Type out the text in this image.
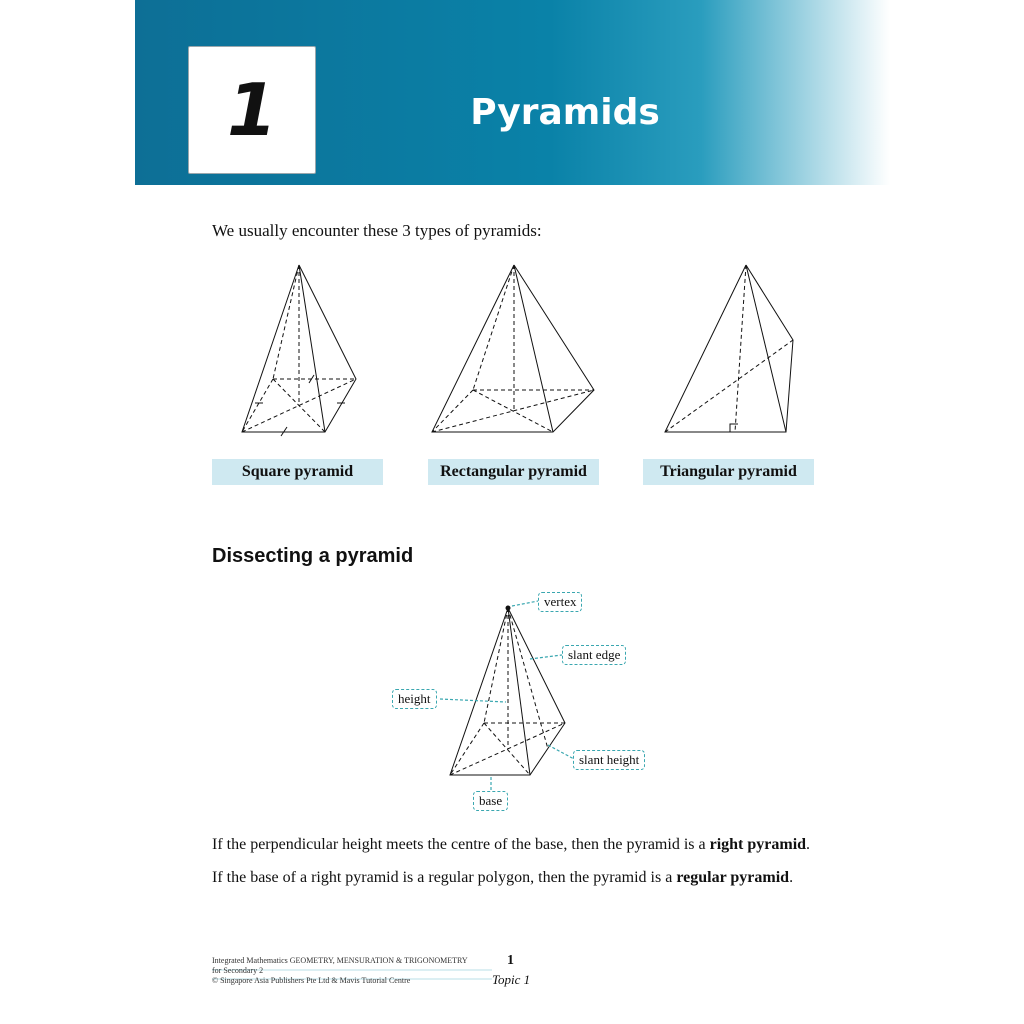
1	Pyramids
We usually encounter these 3 types of pyramids:
Square pyramid	Rectangular pyramid	Triangular pyramid
Dissecting a pyramid
vertex
slant edge
height
slant height
base
If the perpendicular height meets the centre of the base, then the pyramid is a right pyramid.
If the base of a right pyramid is a regular polygon, then the pyramid is a regular pyramid.
Integrated Mathematics GEOMETRY, MENSURATION & TRIGONOMETRY
for Secondary 2
© Singapore Asia Publishers Pte Ltd & Mavis Tutorial Centre
1
Topic 1
